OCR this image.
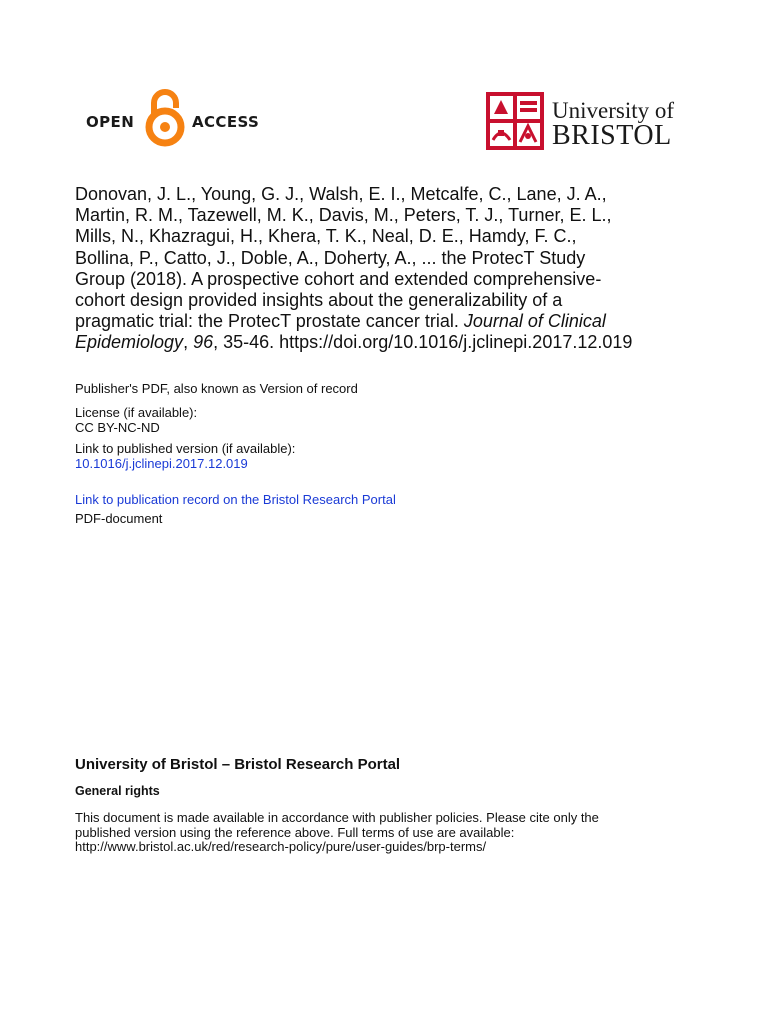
OPEN	ACCESS	University of
BRISTOL
Donovan, J. L., Young, G. J., Walsh, E. I., Metcalfe, C., Lane, J. A.,
Martin, R. M., Tazewell, M. K., Davis, M., Peters, T. J., Turner, E. L.,
Mills, N., Khazragui, H., Khera, T. K., Neal, D. E., Hamdy, F. C.,
Bollina, P., Catto, J., Doble, A., Doherty, A., ... the ProtecT Study
Group (2018). A prospective cohort and extended comprehensive-
cohort design provided insights about the generalizability of a
pragmatic trial: the ProtecT prostate cancer trial. Journal of Clinical
Epidemiology, 96, 35-46. https://doi.org/10.1016/j.jclinepi.2017.12.019

Publisher's PDF, also known as Version of record

License (if available):

CC BY-NC-ND

Link to published version (if available):

10.1016/j.jclinepi.2017.12.019

Link to publication record on the Bristol Research Portal

PDF-document

University of Bristol – Bristol Research Portal

General rights

This document is made available in accordance with publisher policies. Please cite only the
published version using the reference above. Full terms of use are available:
http://www.bristol.ac.uk/red/research-policy/pure/user-guides/brp-terms/
